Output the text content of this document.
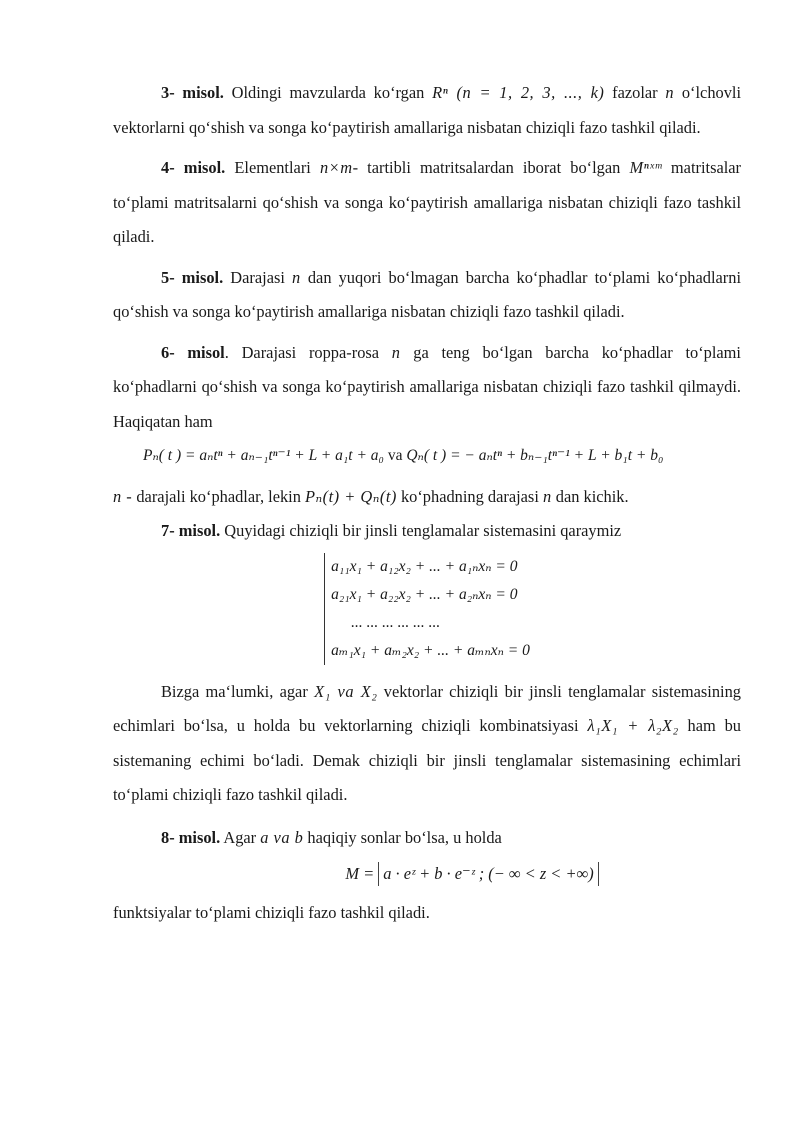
3- misol. Oldingi mavzularda ko‘rgan Rⁿ (n = 1, 2, 3, ..., k) fazolar n o‘lchovli vektorlarni qo‘shish va songa ko‘paytirish amallariga nisbatan chiziqli fazo tashkil qiladi.

4- misol. Elementlari n×m- tartibli matritsalardan iborat bo‘lgan Mⁿˣᵐ matritsalar to‘plami matritsalarni qo‘shish va songa ko‘paytirish amallariga nisbatan chiziqli fazo tashkil qiladi.

5- misol. Darajasi n dan yuqori bo‘lmagan barcha ko‘phadlar to‘plami ko‘phadlarni qo‘shish va songa ko‘paytirish amallariga nisbatan chiziqli fazo tashkil qiladi.

6- misol. Darajasi roppa-rosa n ga teng bo‘lgan barcha ko‘phadlar to‘plami ko‘phadlarni qo‘shish va songa ko‘paytirish amallariga nisbatan chiziqli fazo tashkil qilmaydi. Haqiqatan ham

Pₙ( t ) = aₙtⁿ + aₙ₋₁tⁿ⁻¹ + L + a₁t + a₀ va Qₙ( t ) = − aₙtⁿ + bₙ₋₁tⁿ⁻¹ + L + b₁t + b₀

n - darajali ko‘phadlar, lekin Pₙ(t) + Qₙ(t) ko‘phadning darajasi n dan kichik.

7- misol. Quyidagi chiziqli bir jinsli tenglamalar sistemasini qaraymiz

a₁₁x₁ + a₁₂x₂ + ... + a₁ₙxₙ = 0
a₂₁x₁ + a₂₂x₂ + ... + a₂ₙxₙ = 0
... ... ... ... ... ...
aₘ₁x₁ + aₘ₂x₂ + ... + aₘₙxₙ = 0

Bizga ma‘lumki, agar X₁ va X₂ vektorlar chiziqli bir jinsli tenglamalar sistemasining echimlari bo‘lsa, u holda bu vektorlarning chiziqli kombinatsiyasi λ₁X₁ + λ₂X₂ ham bu sistemaning echimi bo‘ladi. Demak chiziqli bir jinsli tenglamalar sistemasining echimlari to‘plami chiziqli fazo tashkil qiladi.

8- misol. Agar a va b haqiqiy sonlar bo‘lsa, u holda

M = a · eᶻ + b · e⁻ᶻ ; (− ∞ < z < +∞)

funktsiyalar to‘plami chiziqli fazo tashkil qiladi.
